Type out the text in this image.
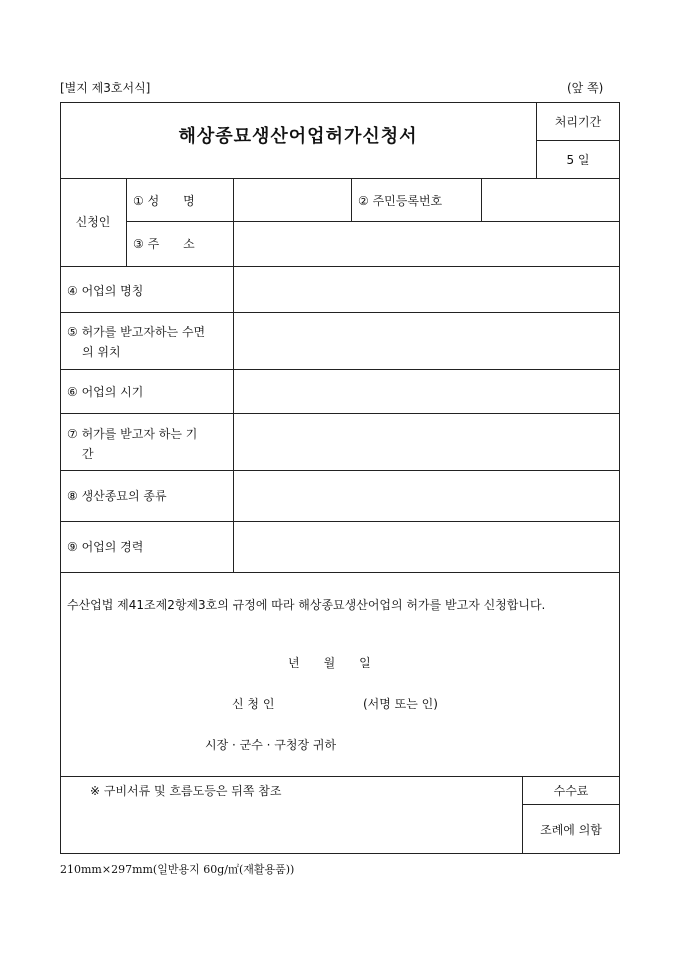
[별지 제3호서식]	(앞 쪽)
해상종묘생산어업허가신청서
처리기간
5 일
신청인
① 성　　명	② 주민등록번호
③ 주　　소
④ 어업의 명칭
⑤ 허가를 받고자하는 수면
의 위치
⑥ 어업의 시기
⑦ 허가를 받고자 하는 기
간
⑧ 생산종묘의 종류
⑨ 어업의 경력
수산업법 제41조제2항제3호의 규정에 따라 해상종묘생산어업의 허가를 받고자 신청합니다.
년　　월　　일
신 청 인	(서명 또는 인)
시장 · 군수 · 구청장 귀하
※ 구비서류 및 흐름도등은 뒤쪽 참조	수수료
조례에 의함
210mm×297mm(일반용지 60g/㎡(재활용품))
